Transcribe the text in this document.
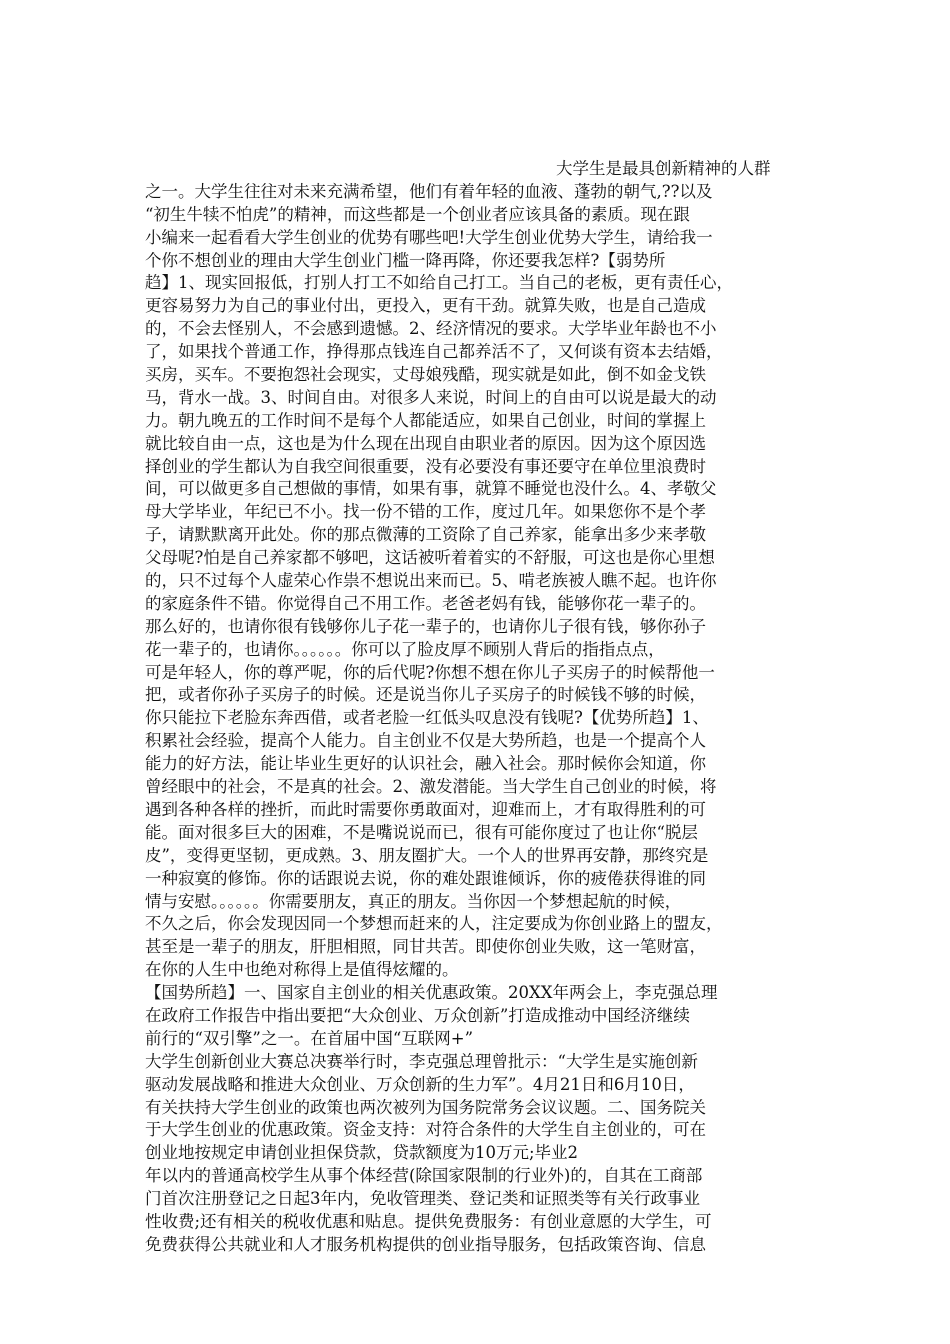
大学生是最具创新精神的人群
之一。大学生往往对未来充满希望，他们有着年轻的血液、蓬勃的朝气,??以及
“初生牛犊不怕虎”的精神，而这些都是一个创业者应该具备的素质。现在跟
小编来一起看看大学生创业的优势有哪些吧!大学生创业优势大学生，请给我一
个你不想创业的理由大学生创业门槛一降再降，你还要我怎样?【弱势所
趋】1、现实回报低，打别人打工不如给自己打工。当自己的老板，更有责任心，
更容易努力为自己的事业付出，更投入，更有干劲。就算失败，也是自己造成
的，不会去怪别人，不会感到遗憾。2、经济情况的要求。大学毕业年龄也不小
了，如果找个普通工作，挣得那点钱连自己都养活不了，又何谈有资本去结婚，
买房，买车。不要抱怨社会现实，丈母娘残酷，现实就是如此，倒不如金戈铁
马，背水一战。3、时间自由。对很多人来说，时间上的自由可以说是最大的动
力。朝九晚五的工作时间不是每个人都能适应，如果自己创业，时间的掌握上
就比较自由一点，这也是为什么现在出现自由职业者的原因。因为这个原因选
择创业的学生都认为自我空间很重要，没有必要没有事还要守在单位里浪费时
间，可以做更多自己想做的事情，如果有事，就算不睡觉也没什么。4、孝敬父
母大学毕业，年纪已不小。找一份不错的工作，度过几年。如果您你不是个孝
子，请默默离开此处。你的那点微薄的工资除了自己养家，能拿出多少来孝敬
父母呢?怕是自己养家都不够吧，这话被听着着实的不舒服，可这也是你心里想
的，只不过每个人虚荣心作祟不想说出来而已。5、啃老族被人瞧不起。也许你
的家庭条件不错。你觉得自己不用工作。老爸老妈有钱，能够你花一辈子的。
那么好的，也请你很有钱够你儿子花一辈子的，也请你儿子很有钱，够你孙子
花一辈子的，也请你。。。。。。你可以了脸皮厚不顾别人背后的指指点点，
可是年轻人，你的尊严呢，你的后代呢?你想不想在你儿子买房子的时候帮他一
把，或者你孙子买房子的时候。还是说当你儿子买房子的时候钱不够的时候，
你只能拉下老脸东奔西借，或者老脸一红低头叹息没有钱呢?【优势所趋】1、
积累社会经验，提高个人能力。自主创业不仅是大势所趋，也是一个提高个人
能力的好方法，能让毕业生更好的认识社会，融入社会。那时候你会知道，你
曾经眼中的社会，不是真的社会。2、激发潜能。当大学生自己创业的时候，将
遇到各种各样的挫折，而此时需要你勇敢面对，迎难而上，才有取得胜利的可
能。面对很多巨大的困难，不是嘴说说而已，很有可能你度过了也让你“脱层
皮”，变得更坚韧，更成熟。3、朋友圈扩大。一个人的世界再安静，那终究是
一种寂寞的修饰。你的话跟说去说，你的难处跟谁倾诉，你的疲倦获得谁的同
情与安慰。。。。。。你需要朋友，真正的朋友。当你因一个梦想起航的时候，
不久之后，你会发现因同一个梦想而赶来的人，注定要成为你创业路上的盟友，
甚至是一辈子的朋友，肝胆相照，同甘共苦。即使你创业失败，这一笔财富，
在你的人生中也绝对称得上是值得炫耀的。
【国势所趋】一、国家自主创业的相关优惠政策。20XX年两会上，李克强总理
在政府工作报告中指出要把“大众创业、万众创新”打造成推动中国经济继续
前行的“双引擎”之一。在首届中国“互联网+”
大学生创新创业大赛总决赛举行时，李克强总理曾批示：“大学生是实施创新
驱动发展战略和推进大众创业、万众创新的生力军”。4月21日和6月10日，
有关扶持大学生创业的政策也两次被列为国务院常务会议议题。二、国务院关
于大学生创业的优惠政策。资金支持：对符合条件的大学生自主创业的，可在
创业地按规定申请创业担保贷款，贷款额度为10万元;毕业2
年以内的普通高校学生从事个体经营(除国家限制的行业外)的，自其在工商部
门首次注册登记之日起3年内，免收管理类、登记类和证照类等有关行政事业
性收费;还有相关的税收优惠和贴息。提供免费服务：有创业意愿的大学生，可
免费获得公共就业和人才服务机构提供的创业指导服务，包括政策咨询、信息
